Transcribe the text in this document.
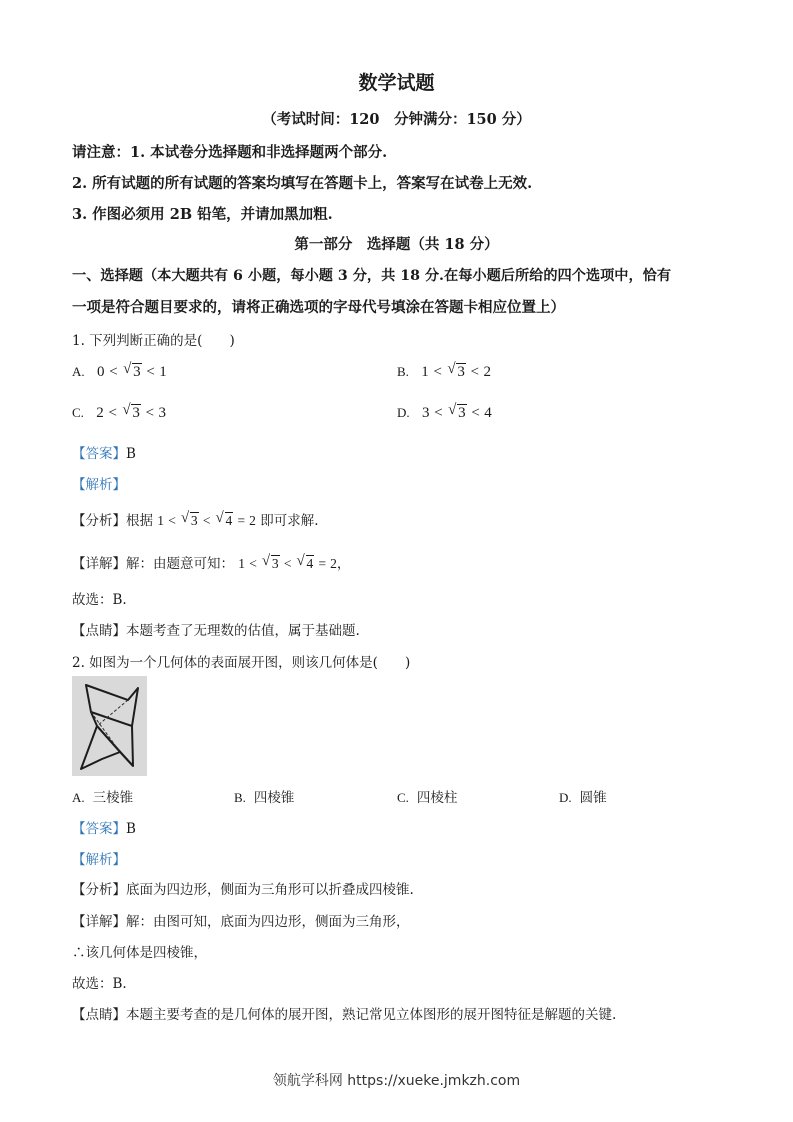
数学试题
（考试时间：120　分钟满分：150 分）
请注意：1. 本试卷分选择题和非选择题两个部分.
2. 所有试题的所有试题的答案均填写在答题卡上，答案写在试卷上无效.
3. 作图必须用 2B 铅笔，并请加黑加粗.
第一部分　选择题（共 18 分）
一、选择题（本大题共有 6 小题，每小题 3 分，共 18 分.在每小题后所给的四个选项中，恰有
一项是符合题目要求的，请将正确选项的字母代号填涂在答题卡相应位置上）
1. 下列判断正确的是(　　)
A. 0 < √ 3 < 1	B. 1 < √ 3 < 2
C. 2 < √ 3 < 3	D. 3 < √ 3 < 4
【答案】B
【解析】
【分析】根据 1 < √ 3 < √ 4 = 2 即可求解.
【详解】解：由题意可知： 1 < √ 3 < √ 4 = 2，
故选：B.
【点睛】本题考查了无理数的估值，属于基础题.
2. 如图为一个几何体的表面展开图，则该几何体是(　　)
A. 三棱锥	B. 四棱锥	C. 四棱柱	D. 圆锥
【答案】B
【解析】
【分析】底面为四边形，侧面为三角形可以折叠成四棱锥.
【详解】解：由图可知，底面为四边形，侧面为三角形，
∴该几何体是四棱锥，
故选：B.
【点睛】本题主要考查的是几何体的展开图，熟记常见立体图形的展开图特征是解题的关键.
领航学科网 https://xueke.jmkzh.com
